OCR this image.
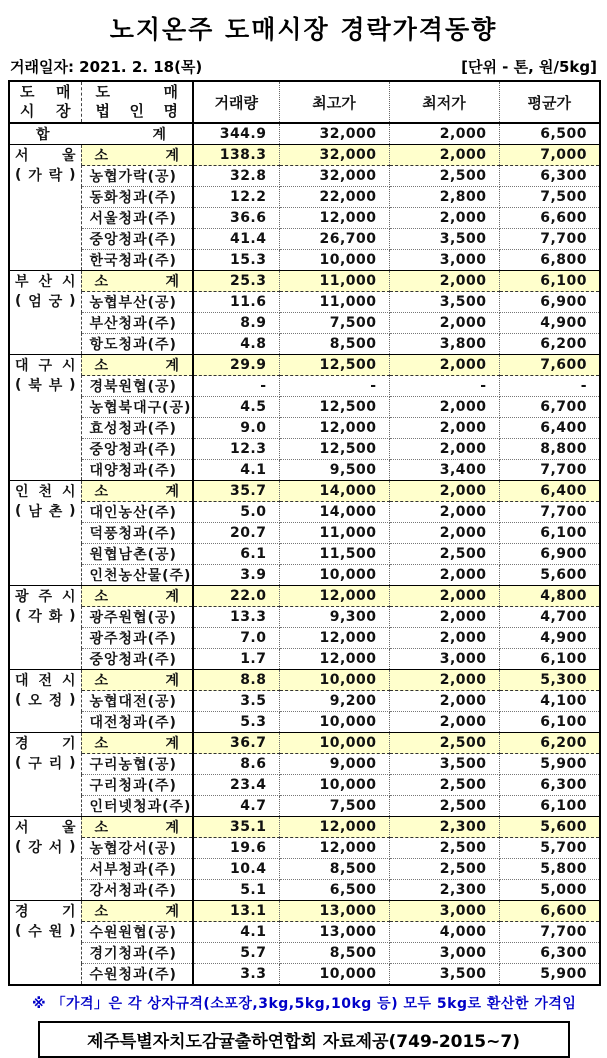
노지온주 도매시장 경락가격동향
거래일자: 2021. 2. 18(목)	[단위 - 톤, 원/5kg]
도 매
시 장

도	매
법 인 명	거래량	최고가	최저가	평균가

합 계		344.9	32,000	2,000	6,500

서 울
( 가 락 )

소	계	138.3	32,000	2,000	7,000
	농협가락(공)	32.8	32,000	2,500	6,300
	동화청과(주)	12.2	22,000	2,800	7,500
	서울청과(주)	36.6	12,000	2,000	6,600
	중앙청과(주)	41.4	26,700	3,500	7,700
	한국청과(주)	15.3	10,000	3,000	6,800

부 산 시
( 엄 궁 )

소	계	25.3	11,000	2,000	6,100
	농협부산(공)	11.6	11,000	3,500	6,900
	부산청과(주)	8.9	7,500	2,000	4,900
	항도청과(주)	4.8	8,500	3,800	6,200

대 구 시
( 북 부 )

소	계	29.9	12,500	2,000	7,600
	경북원협(공)	-	-	-	-
	농협북대구(공)	4.5	12,500	2,000	6,700
	효성청과(주)	9.0	12,000	2,000	6,400
	중앙청과(주)	12.3	12,500	2,000	8,800
	대양청과(주)	4.1	9,500	3,400	7,700

인 천 시
( 남 촌 )

소	계	35.7	14,000	2,000	6,400
	대인농산(주)	5.0	14,000	2,000	7,700
	덕풍청과(주)	20.7	11,000	2,000	6,100
	원협남촌(공)	6.1	11,500	2,500	6,900
	인천농산물(주)	3.9	10,000	2,000	5,600

광 주 시
( 각 화 )

소	계	22.0	12,000	2,000	4,800
	광주원협(공)	13.3	9,300	2,000	4,700
	광주청과(주)	7.0	12,000	2,000	4,900
	중앙청과(주)	1.7	12,000	3,000	6,100

대 전 시
( 오 정 )

소	계	8.8	10,000	2,000	5,300
	농협대전(공)	3.5	9,200	2,000	4,100
	대전청과(주)	5.3	10,000	2,000	6,100

경 기
( 구 리 )

소	계	36.7	10,000	2,500	6,200
	구리농협(공)	8.6	9,000	3,500	5,900
	구리청과(주)	23.4	10,000	2,500	6,300
	인터넷청과(주)	4.7	7,500	2,500	6,100

서 울
( 강 서 )

소	계	35.1	12,000	2,300	5,600
	농협강서(공)	19.6	12,000	2,500	5,700
	서부청과(주)	10.4	8,500	2,500	5,800
	강서청과(주)	5.1	6,500	2,300	5,000

경 기
( 수 원 )

소	계	13.1	13,000	3,000	6,600
	수원원협(공)	4.1	13,000	4,000	7,700
	경기청과(주)	5.7	8,500	3,000	6,300
	수원청과(주)	3.3	10,000	3,500	5,900
※ 「가격」은 각 상자규격(소포장,3kg,5kg,10kg 등) 모두 5kg로 환산한 가격임
제주특별자치도감귤출하연합회 자료제공(749-2015~7)
